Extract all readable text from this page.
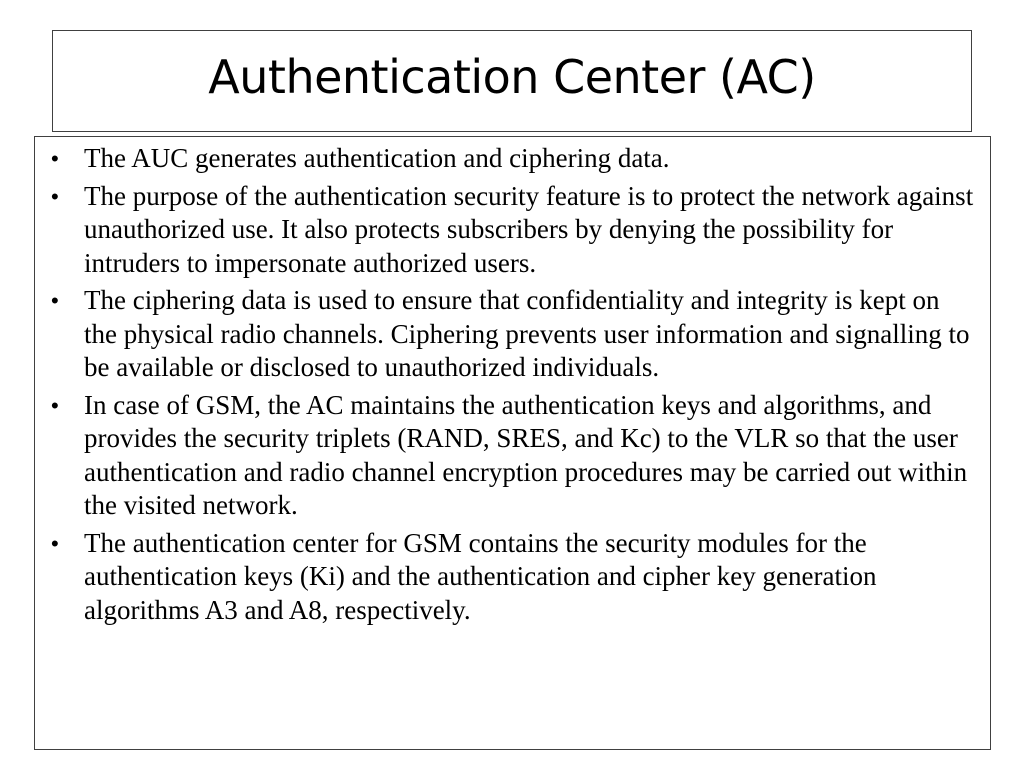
Authentication Center (AC)
• The AUC generates authentication and ciphering data.
• The purpose of the authentication security feature is to protect the network against unauthorized use. It also protects subscribers by denying the possibility for intruders to impersonate authorized users.
• The ciphering data is used to ensure that confidentiality and integrity is kept on the physical radio channels. Ciphering prevents user information and signalling to be available or disclosed to unauthorized individuals.
• In case of GSM, the AC maintains the authentication keys and algorithms, and provides the security triplets (RAND, SRES, and Kc) to the VLR so that the user authentication and radio channel encryption procedures may be carried out within the visited network.
• The authentication center for GSM contains the security modules for the authentication keys (Ki) and the authentication and cipher key generation algorithms A3 and A8, respectively.
